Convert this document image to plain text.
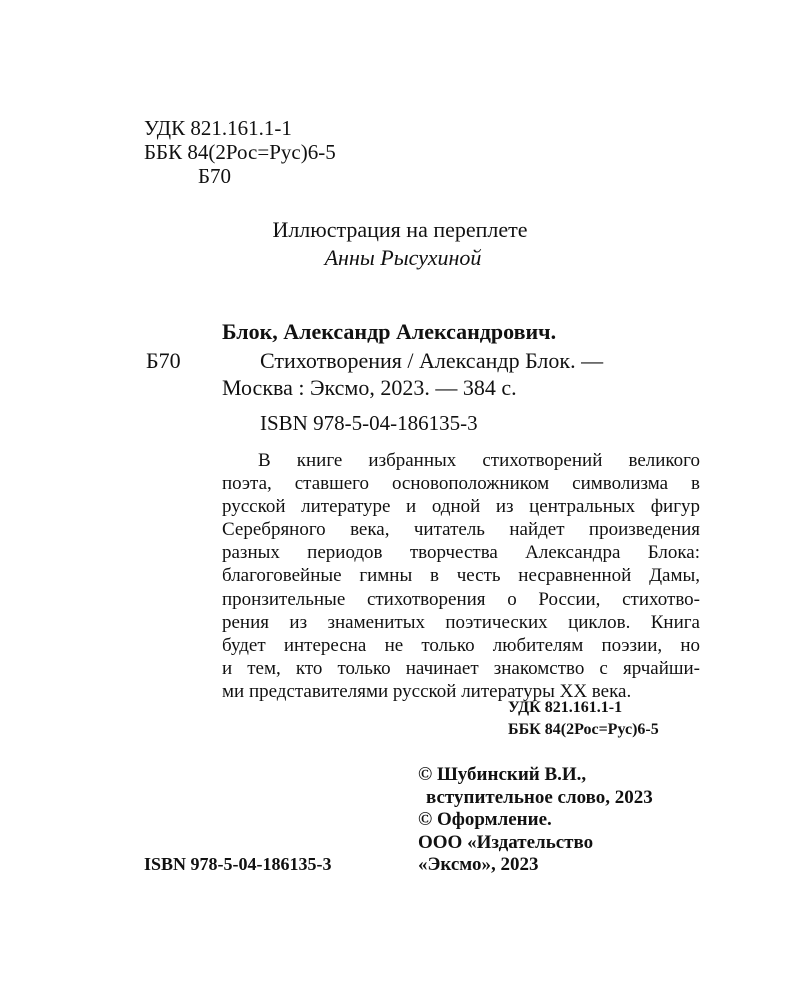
УДК 821.161.1-1
ББК 84(2Рос=Рус)6-5
Б70
Иллюстрация на переплете
Анны Рысухиной
Блок, Александр Александрович.
Б70	Стихотворения / Александр Блок. —
Москва : Эксмо, 2023. — 384 с.
ISBN 978-5-04-186135-3
В книге избранных стихотворений великого
поэта, ставшего основоположником символизма в
русской литературе и одной из центральных фигур
Серебряного века, читатель найдет произведения
разных периодов творчества Александра Блока:
благоговейные гимны в честь несравненной Дамы,
пронзительные стихотворения о России, стихотво-
рения из знаменитых поэтических циклов. Книга
будет интересна не только любителям поэзии, но
и тем, кто только начинает знакомство с ярчайши-
ми представителями русской литературы XX века.
УДК 821.161.1-1
ББК 84(2Рос=Рус)6-5
© Шубинский В.И.,
вступительное слово, 2023
© Оформление.
ООО «Издательство
«Эксмо», 2023
ISBN 978-5-04-186135-3
